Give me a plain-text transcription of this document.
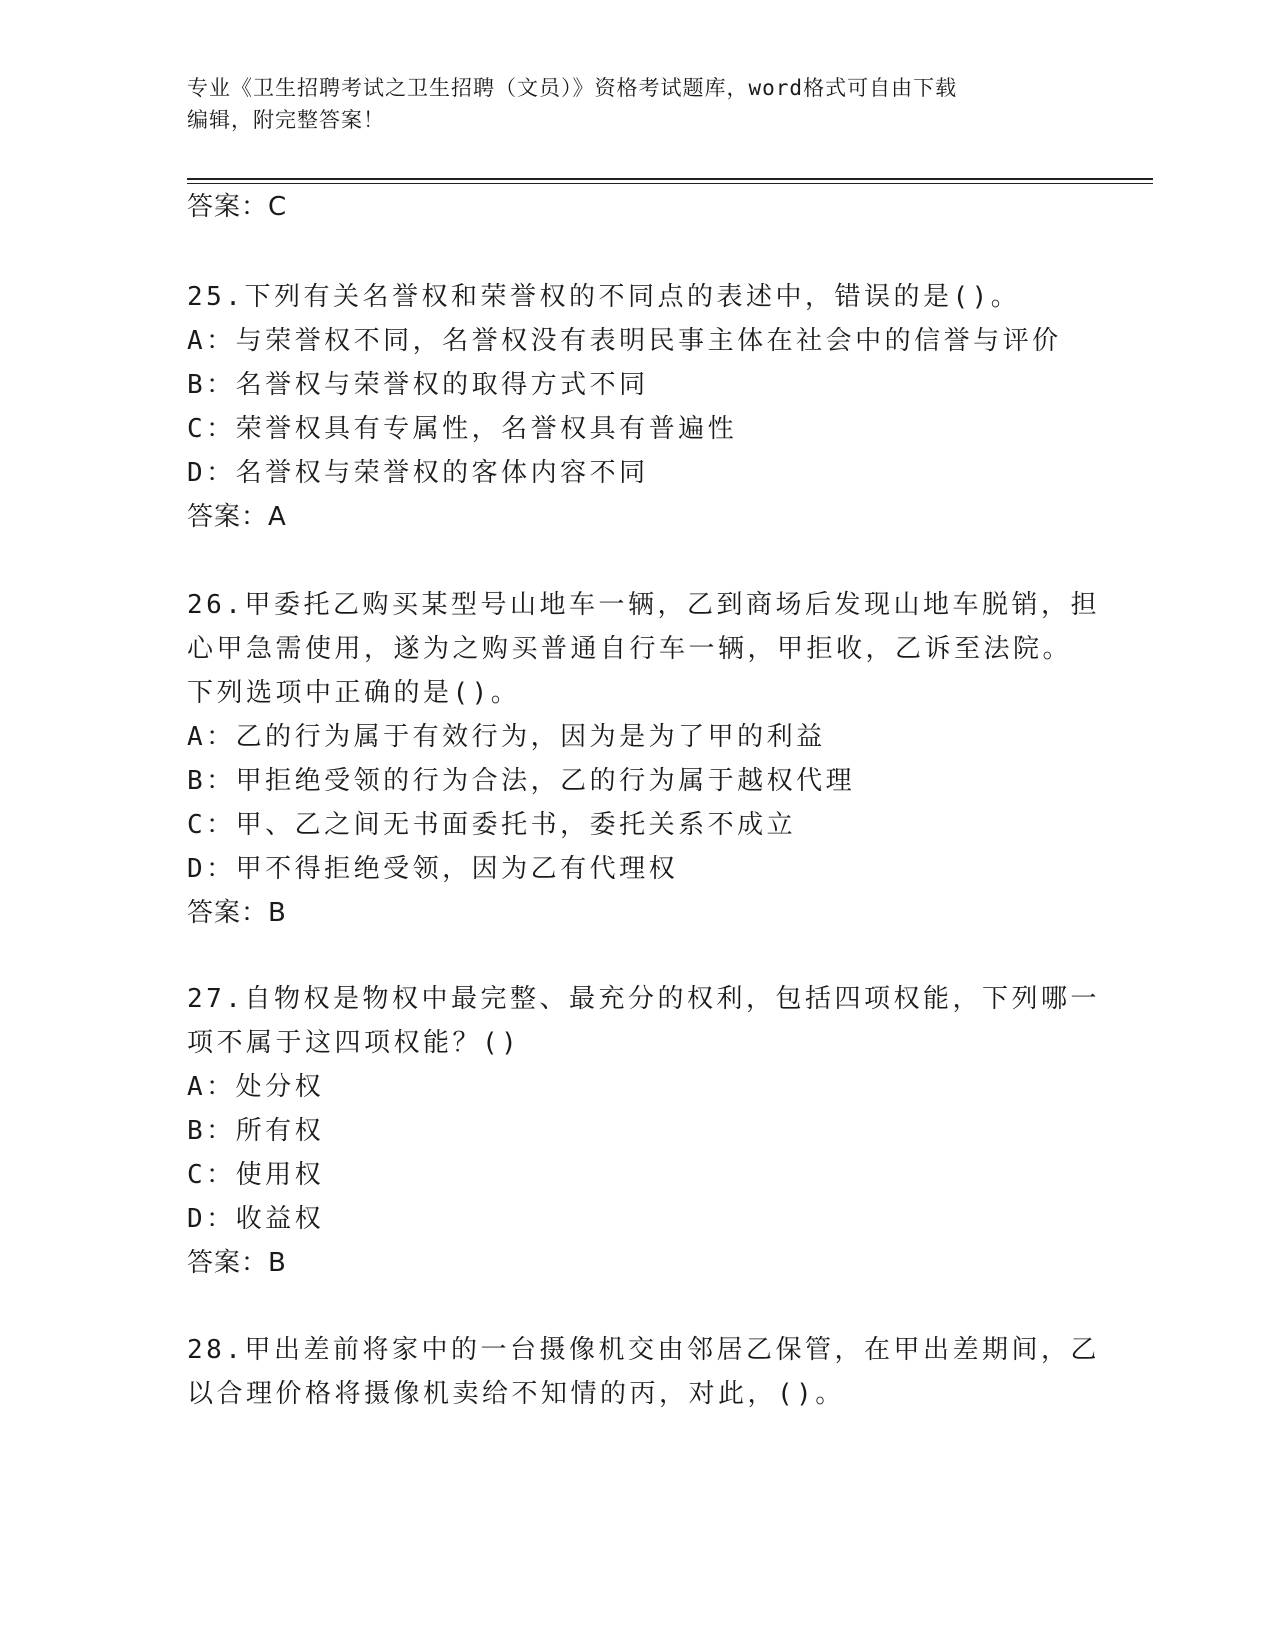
专业《卫生招聘考试之卫生招聘（文员）》资格考试题库，word格式可自由下载
编辑，附完整答案！
答案：C
25.下列有关名誉权和荣誉权的不同点的表述中，错误的是()。
A：与荣誉权不同，名誉权没有表明民事主体在社会中的信誉与评价
B：名誉权与荣誉权的取得方式不同
C：荣誉权具有专属性，名誉权具有普遍性
D：名誉权与荣誉权的客体内容不同
答案：A
26.甲委托乙购买某型号山地车一辆，乙到商场后发现山地车脱销，担
心甲急需使用，遂为之购买普通自行车一辆，甲拒收，乙诉至法院。
下列选项中正确的是()。
A：乙的行为属于有效行为，因为是为了甲的利益
B：甲拒绝受领的行为合法，乙的行为属于越权代理
C：甲、乙之间无书面委托书，委托关系不成立
D：甲不得拒绝受领，因为乙有代理权
答案：B
27.自物权是物权中最完整、最充分的权利，包括四项权能，下列哪一
项不属于这四项权能？()
A：处分权
B：所有权
C：使用权
D：收益权
答案：B
28.甲出差前将家中的一台摄像机交由邻居乙保管，在甲出差期间，乙
以合理价格将摄像机卖给不知情的丙，对此，()。
